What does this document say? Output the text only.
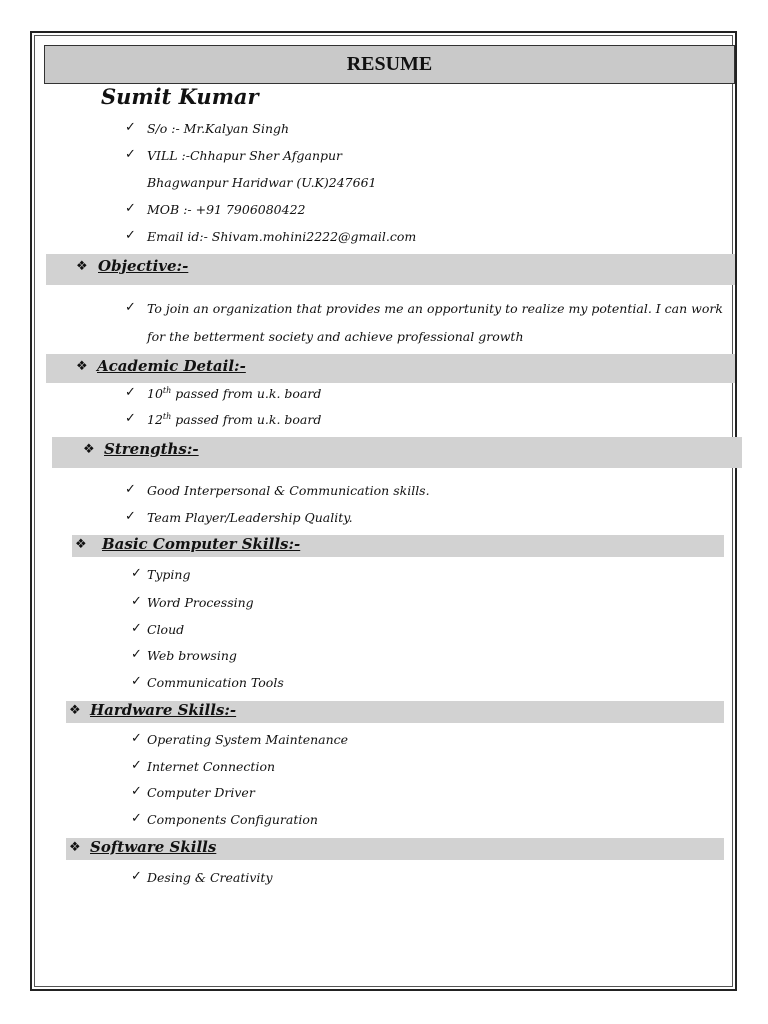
RESUME
Sumit Kumar
✓ S/o :- Mr.Kalyan Singh
✓ VILL :-Chhapur Sher Afganpur
Bhagwanpur Haridwar (U.K)247661
✓ MOB :- +91 7906080422
✓ Email id:- Shivam.mohini2222@gmail.com
❖ Objective:-
✓ To join an organization that provides me an opportunity to realize my potential. I can work
for the betterment society and achieve professional growth
❖ Academic Detail:-
✓ 10th passed from u.k. board
✓ 12th passed from u.k. board
❖ Strengths:-
✓ Good Interpersonal & Communication skills.
✓ Team Player/Leadership Quality.
❖ Basic Computer Skills:-
✓ Typing
✓ Word Processing
✓ Cloud
✓ Web browsing
✓ Communication Tools
❖ Hardware Skills:-
✓ Operating System Maintenance
✓ Internet Connection
✓ Computer Driver
✓ Components Configuration
❖ Software Skills
✓ Desing & Creativity
